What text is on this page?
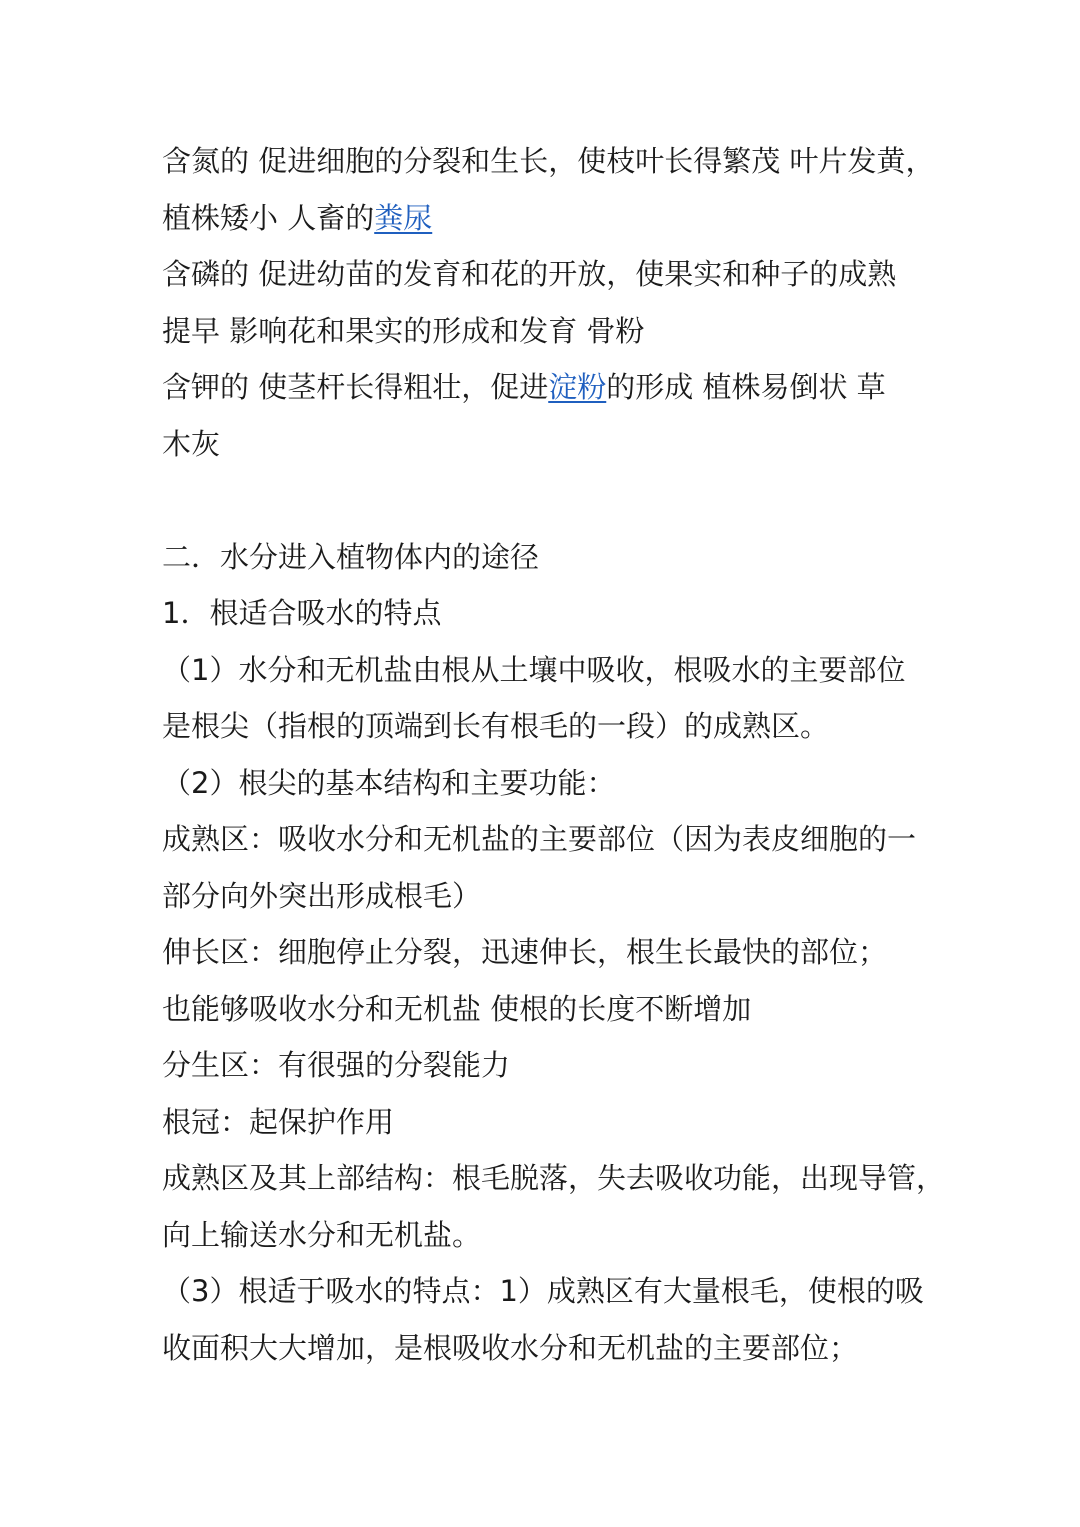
含氮的 促进细胞的分裂和生长，使枝叶长得繁茂 叶片发黄，
植株矮小 人畜的粪尿
含磷的 促进幼苗的发育和花的开放，使果实和种子的成熟
提早 影响花和果实的形成和发育 骨粉
含钾的 使茎杆长得粗壮，促进淀粉的形成 植株易倒状 草
木灰
二．水分进入植物体内的途径
1．根适合吸水的特点
（1）水分和无机盐由根从土壤中吸收，根吸水的主要部位
是根尖（指根的顶端到长有根毛的一段）的成熟区。
（2）根尖的基本结构和主要功能：
成熟区：吸收水分和无机盐的主要部位（因为表皮细胞的一
部分向外突出形成根毛）
伸长区：细胞停止分裂，迅速伸长，根生长最快的部位；
也能够吸收水分和无机盐 使根的长度不断增加
分生区：有很强的分裂能力
根冠：起保护作用
成熟区及其上部结构：根毛脱落，失去吸收功能，出现导管，
向上输送水分和无机盐。
（3）根适于吸水的特点：1）成熟区有大量根毛，使根的吸
收面积大大增加，是根吸收水分和无机盐的主要部位；
